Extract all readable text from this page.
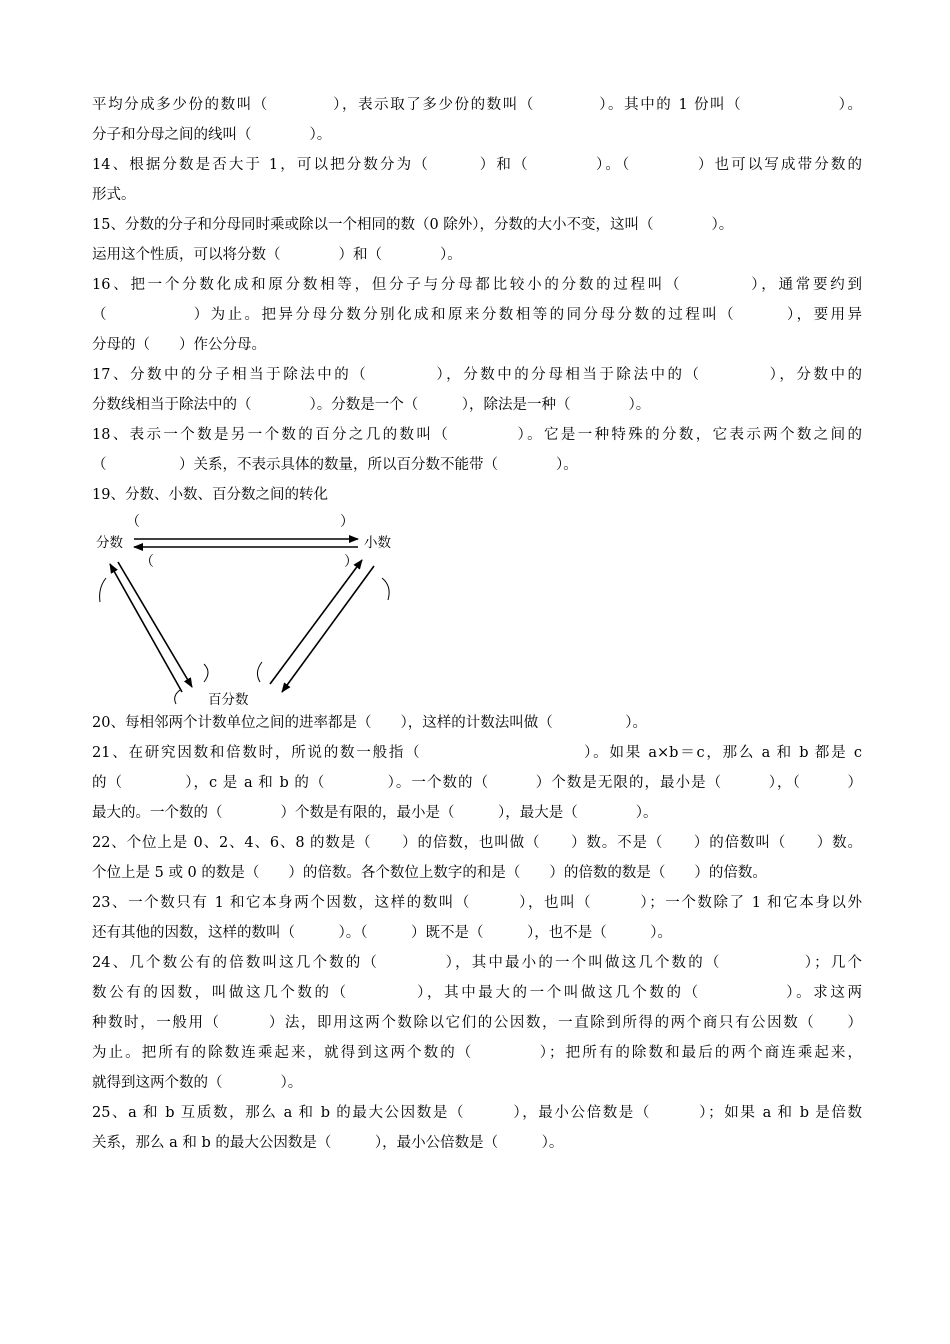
平均分成多少份的数叫（　　　　），表示取了多少份的数叫（　　　　）。其中的 1 份叫（　　　　　　）。
分子和分母之间的线叫（　　　　）。
14、根据分数是否大于 1，可以把分数分为（　　　）和（　　　　）。（　　　　）也可以写成带分数的
形式。
15、分数的分子和分母同时乘或除以一个相同的数（0 除外），分数的大小不变，这叫（　　　　）。
运用这个性质，可以将分数（　　　　）和（　　　　）。
16、把一个分数化成和原分数相等，但分子与分母都比较小的分数的过程叫（　　　　），通常要约到
（　　　　　）为止。把异分母分数分别化成和原来分数相等的同分母分数的过程叫（　　　），要用异
分母的（　　）作公分母。
17、分数中的分子相当于除法中的（　　　　），分数中的分母相当于除法中的（　　　　），分数中的
分数线相当于除法中的（　　　　）。分数是一个（　　　），除法是一种（　　　　）。
18、表示一个数是另一个数的百分之几的数叫（　　　　）。它是一种特殊的分数，它表示两个数之间的
（　　　　　）关系，不表示具体的数量，所以百分数不能带（　　　　）。
19、分数、小数、百分数之间的转化
分数	小数
百分数
（	）
（	）
20、每相邻两个计数单位之间的进率都是（　　），这样的计数法叫做（　　　　　）。
21、在研究因数和倍数时，所说的数一般指（　　　　　　　　　　）。如果 a×b＝c，那么 a 和 b 都是 c
的（　　　　），c 是 a 和 b 的（　　　　）。一个数的（　　　）个数是无限的，最小是（　　　），（　　　）
最大的。一个数的（　　　　）个数是有限的，最小是（　　　），最大是（　　　　）。
22、个位上是 0、2、4、6、8 的数是（　　）的倍数，也叫做（　　）数。不是（　　）的倍数叫（　　）数。
个位上是 5 或 0 的数是（　　）的倍数。各个数位上数字的和是（　　）的倍数的数是（　　）的倍数。
23、一个数只有 1 和它本身两个因数，这样的数叫（　　　），也叫（　　　）；一个数除了 1 和它本身以外
还有其他的因数，这样的数叫（　　　）。（　　　）既不是（　　　），也不是（　　　）。
24、几个数公有的倍数叫这几个数的（　　　　），其中最小的一个叫做这几个数的（　　　　　）；几个
数公有的因数，叫做这几个数的（　　　　），其中最大的一个叫做这几个数的（　　　　　）。求这两
种数时，一般用（　　　）法，即用这两个数除以它们的公因数，一直除到所得的两个商只有公因数（　　）
为止。把所有的除数连乘起来，就得到这两个数的（　　　　）；把所有的除数和最后的两个商连乘起来，
就得到这两个数的（　　　　）。
25、a 和 b 互质数，那么 a 和 b 的最大公因数是（　　　），最小公倍数是（　　　）；如果 a 和 b 是倍数
关系，那么 a 和 b 的最大公因数是（　　　），最小公倍数是（　　　）。
